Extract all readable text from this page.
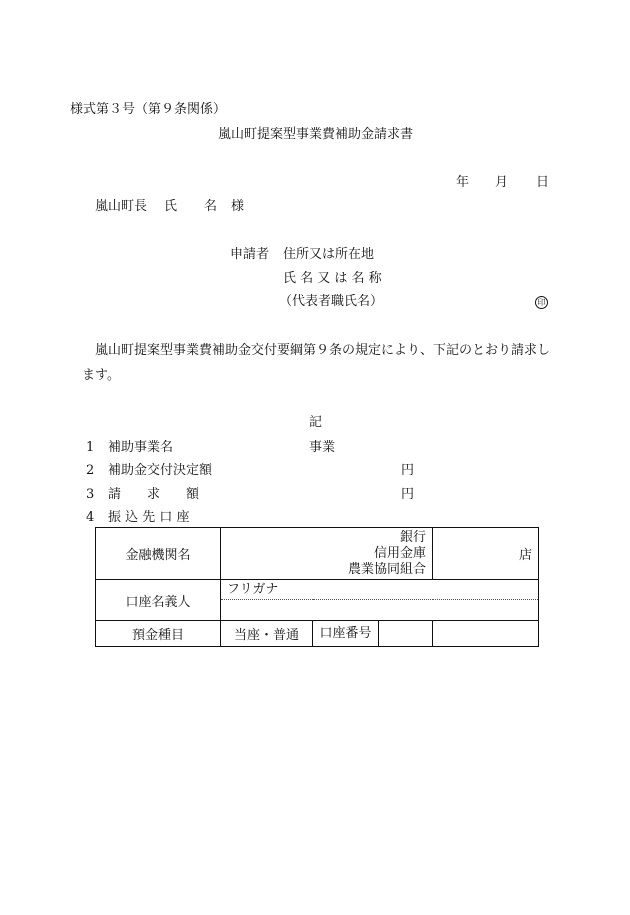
様式第３号（第９条関係）
嵐山町提案型事業費補助金請求書
年 月 日
嵐山町長 氏 名 様
申請者 住所又は所在地
氏 名 又 は 名 称
（代表者職氏名）	印
嵐山町提案型事業費補助金交付要綱第９条の規定により、下記のとおり請求し
ます。
記
1 補助事業名	事業
2 補助金交付決定額	円
3 請　　求　　額	円
4 振 込 先 口 座
金融機関名	銀行
信用金庫
農業協同組合		店
口座名義人	フリガナ		

預金種目	当座・普通	口座番号	
